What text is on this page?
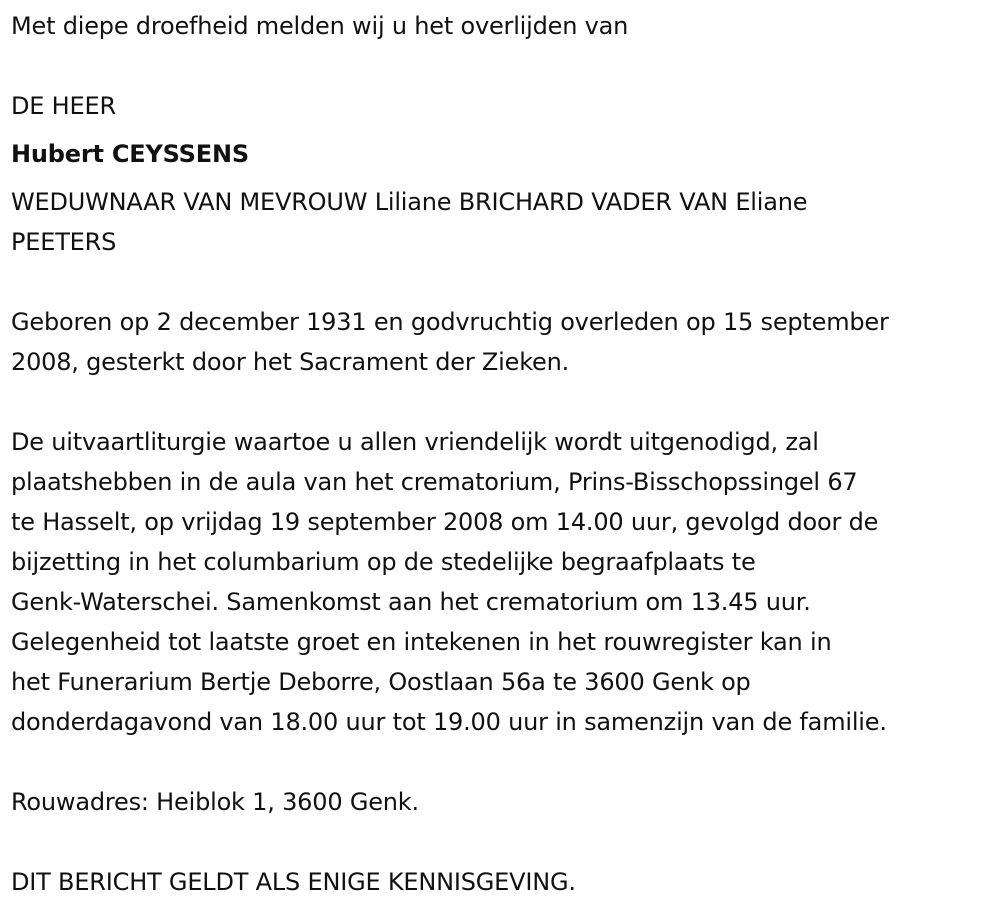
Met diepe droefheid melden wij u het overlijden van

DE HEER

Hubert CEYSSENS

WEDUWNAAR VAN MEVROUW Liliane BRICHARD VADER VAN Eliane

PEETERS

Geboren op 2 december 1931 en godvruchtig overleden op 15 september

2008, gesterkt door het Sacrament der Zieken.

De uitvaartliturgie waartoe u allen vriendelijk wordt uitgenodigd, zal

plaatshebben in de aula van het crematorium, Prins-Bisschopssingel 67

te Hasselt, op vrijdag 19 september 2008 om 14.00 uur, gevolgd door de

bijzetting in het columbarium op de stedelijke begraafplaats te

Genk-Waterschei. Samenkomst aan het crematorium om 13.45 uur.

Gelegenheid tot laatste groet en intekenen in het rouwregister kan in

het Funerarium Bertje Deborre, Oostlaan 56a te 3600 Genk op

donderdagavond van 18.00 uur tot 19.00 uur in samenzijn van de familie.

Rouwadres: Heiblok 1, 3600 Genk.

DIT BERICHT GELDT ALS ENIGE KENNISGEVING.
